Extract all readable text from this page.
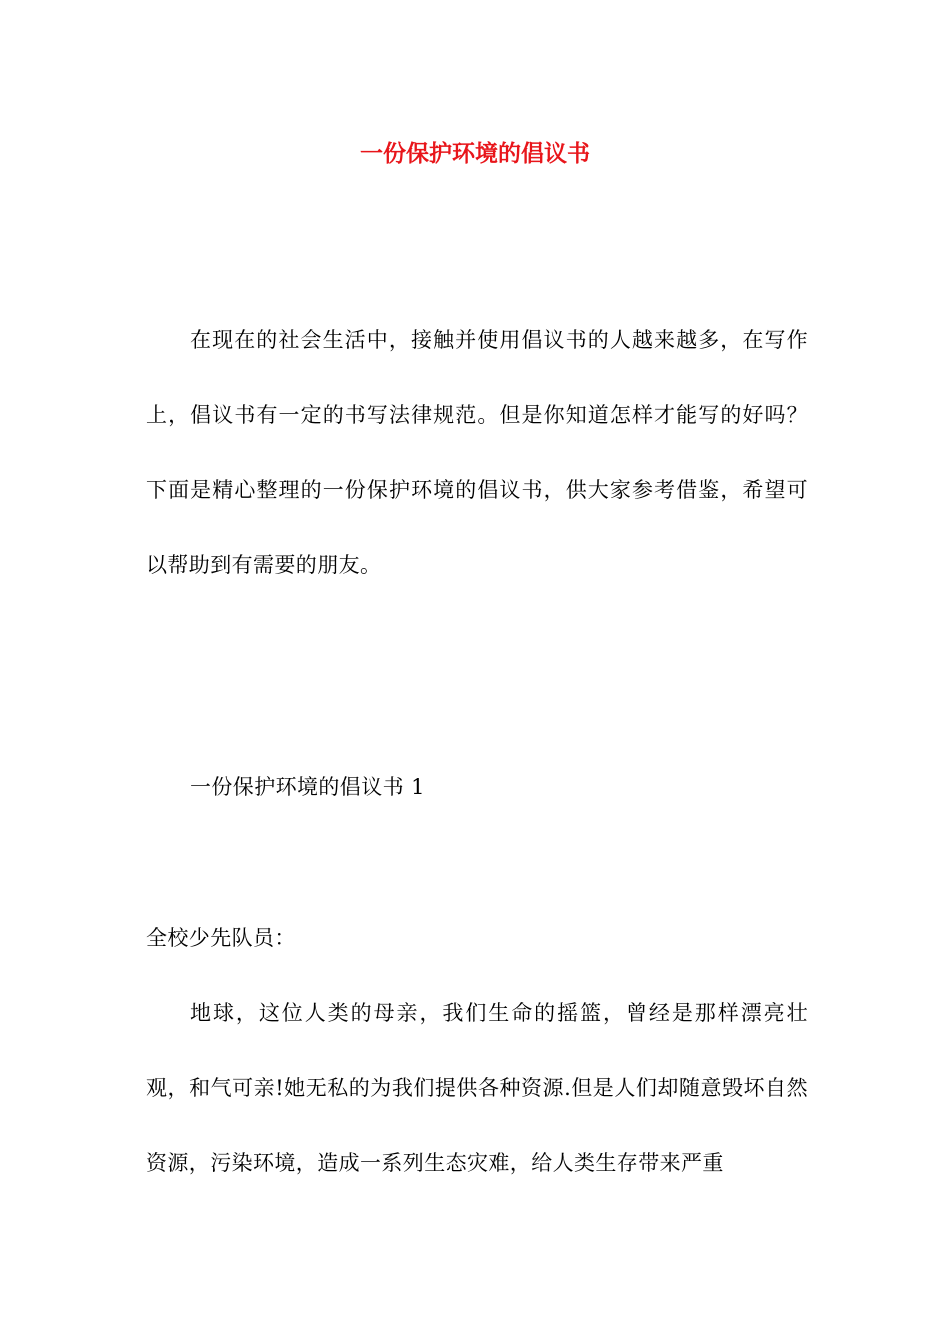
一份保护环境的倡议书

在现在的社会生活中，接触并使用倡议书的人越来越多，在写作上，倡议书有一定的书写法律规范。但是你知道怎样才能写的好吗？下面是精心整理的一份保护环境的倡议书，供大家参考借鉴，希望可以帮助到有需要的朋友。

一份保护环境的倡议书 1

全校少先队员：

地球，这位人类的母亲，我们生命的摇篮，曾经是那样漂亮壮观，和气可亲!她无私的为我们提供各种资源.但是人们却随意毁坏自然资源，污染环境，造成一系列生态灾难，给人类生存带来严重
